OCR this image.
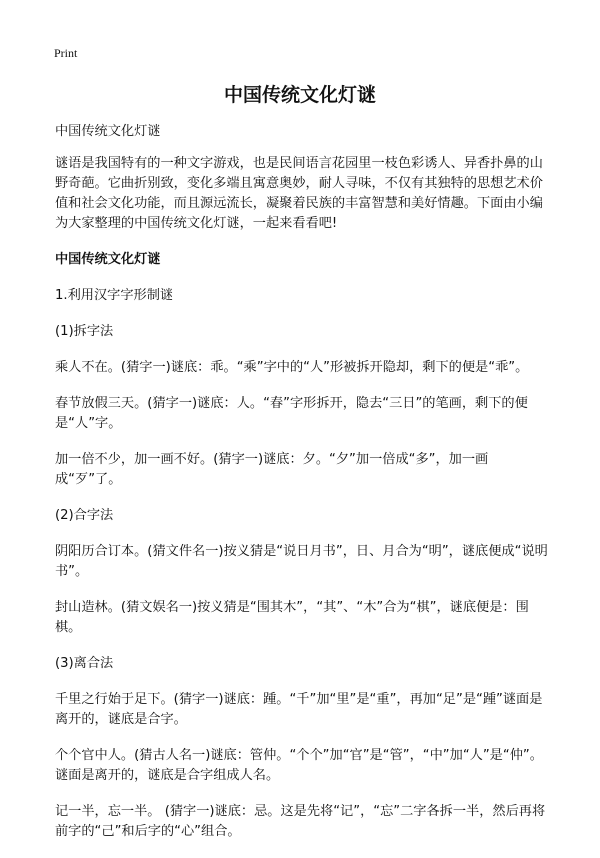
Print
中国传统文化灯谜

中国传统文化灯谜

谜语是我国特有的一种文字游戏，也是民间语言花园里一枝色彩诱人、异香扑鼻的山野奇葩。它曲折别致，变化多端且寓意奥妙，耐人寻味，不仅有其独特的思想艺术价值和社会文化功能，而且源远流长，凝聚着民族的丰富智慧和美好情趣。下面由小编为大家整理的中国传统文化灯谜，一起来看看吧!

中国传统文化灯谜

1.利用汉字字形制谜

(1)拆字法

乘人不在。(猜字一)谜底：乖。“乘”字中的“人”形被拆开隐却，剩下的便是“乖”。

春节放假三天。(猜字一)谜底：人。“春”字形拆开，隐去“三日”的笔画，剩下的便是“人”字。

加一倍不少，加一画不好。(猜字一)谜底：夕。“夕”加一倍成“多”，加一画成“歹”了。

(2)合字法

阴阳历合订本。(猜文件名一)按义猜是“说日月书”，日、月合为“明”，谜底便成“说明书”。

封山造林。(猜文娱名一)按义猜是“围其木”，“其”、“木”合为“棋”，谜底便是：围棋。

(3)离合法

千里之行始于足下。(猜字一)谜底：踵。“千”加“里”是“重”，再加“足”是“踵”谜面是离开的，谜底是合字。

个个官中人。(猜古人名一)谜底：管仲。“个个”加“官”是“管”，“中”加“人”是“仲”。谜面是离开的，谜底是合字组成人名。

记一半，忘一半。 (猜字一)谜底：忌。这是先将“记”，“忘”二字各拆一半，然后再将前字的“己”和后字的“心”组合。
